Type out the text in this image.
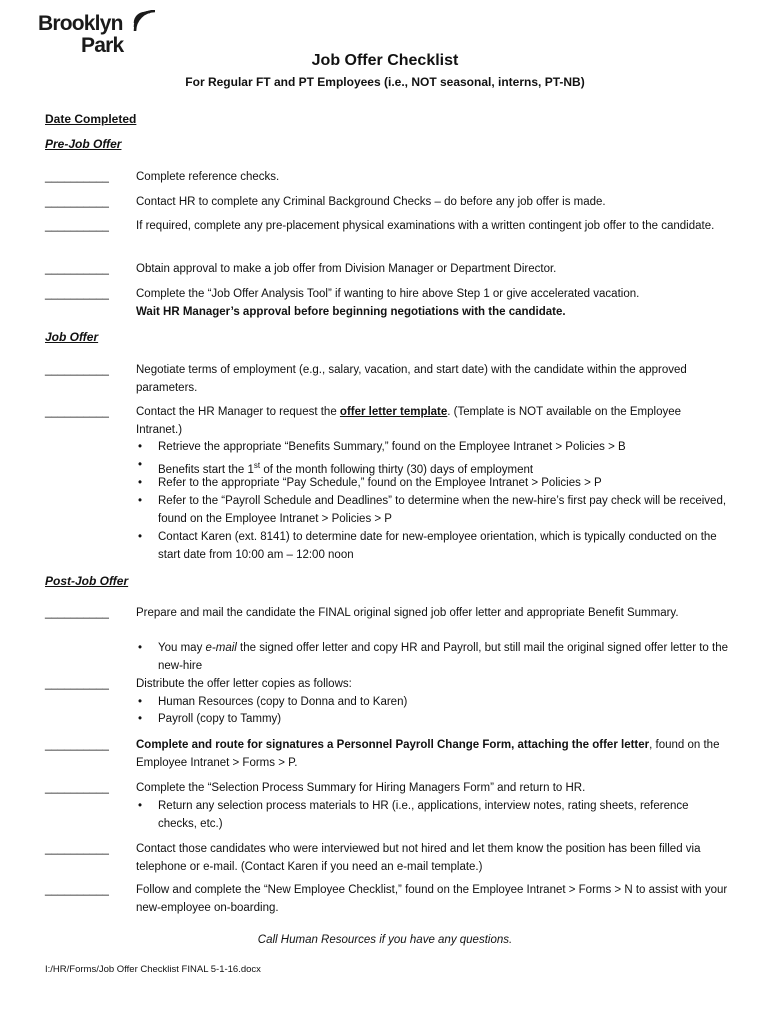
Brooklyn
Park
Job Offer Checklist

For Regular FT and PT Employees (i.e., NOT seasonal, interns, PT-NB)

Date Completed

Pre-Job Offer

__________ Complete reference checks.

__________ Contact HR to complete any Criminal Background Checks – do before any job offer is made.

__________ If required, complete any pre-placement physical examinations with a written contingent job offer to the candidate.

__________ Obtain approval to make a job offer from Division Manager or Department Director.

__________ Complete the “Job Offer Analysis Tool” if wanting to hire above Step 1 or give accelerated vacation.
Wait HR Manager’s approval before beginning negotiations with the candidate.

Job Offer

__________ Negotiate terms of employment (e.g., salary, vacation, and start date) with the candidate within the approved parameters.

__________ Contact the HR Manager to request the offer letter template. (Template is NOT available on the Employee Intranet.)

• Retrieve the appropriate “Benefits Summary,” found on the Employee Intranet > Policies > B

• Benefits start the 1st of the month following thirty (30) days of employment

• Refer to the appropriate “Pay Schedule,” found on the Employee Intranet > Policies > P

• Refer to the “Payroll Schedule and Deadlines” to determine when the new-hire’s first pay check will be received, found on the Employee Intranet > Policies > P

• Contact Karen (ext. 8141) to determine date for new-employee orientation, which is typically conducted on the start date from 10:00 am – 12:00 noon

Post-Job Offer

__________ Prepare and mail the candidate the FINAL original signed job offer letter and appropriate Benefit Summary.

• You may e-mail the signed offer letter and copy HR and Payroll, but still mail the original signed offer letter to the new-hire

__________ Distribute the offer letter copies as follows:

• Human Resources (copy to Donna and to Karen)

• Payroll (copy to Tammy)

__________ Complete and route for signatures a Personnel Payroll Change Form, attaching the offer letter, found on the Employee Intranet > Forms > P.

__________ Complete the “Selection Process Summary for Hiring Managers Form” and return to HR.

• Return any selection process materials to HR (i.e., applications, interview notes, rating sheets, reference checks, etc.)

__________ Contact those candidates who were interviewed but not hired and let them know the position has been filled via telephone or e-mail. (Contact Karen if you need an e-mail template.)

__________ Follow and complete the “New Employee Checklist,” found on the Employee Intranet > Forms > N to assist with your new-employee on-boarding.

Call Human Resources if you have any questions.

I:/HR/Forms/Job Offer Checklist FINAL 5-1-16.docx
